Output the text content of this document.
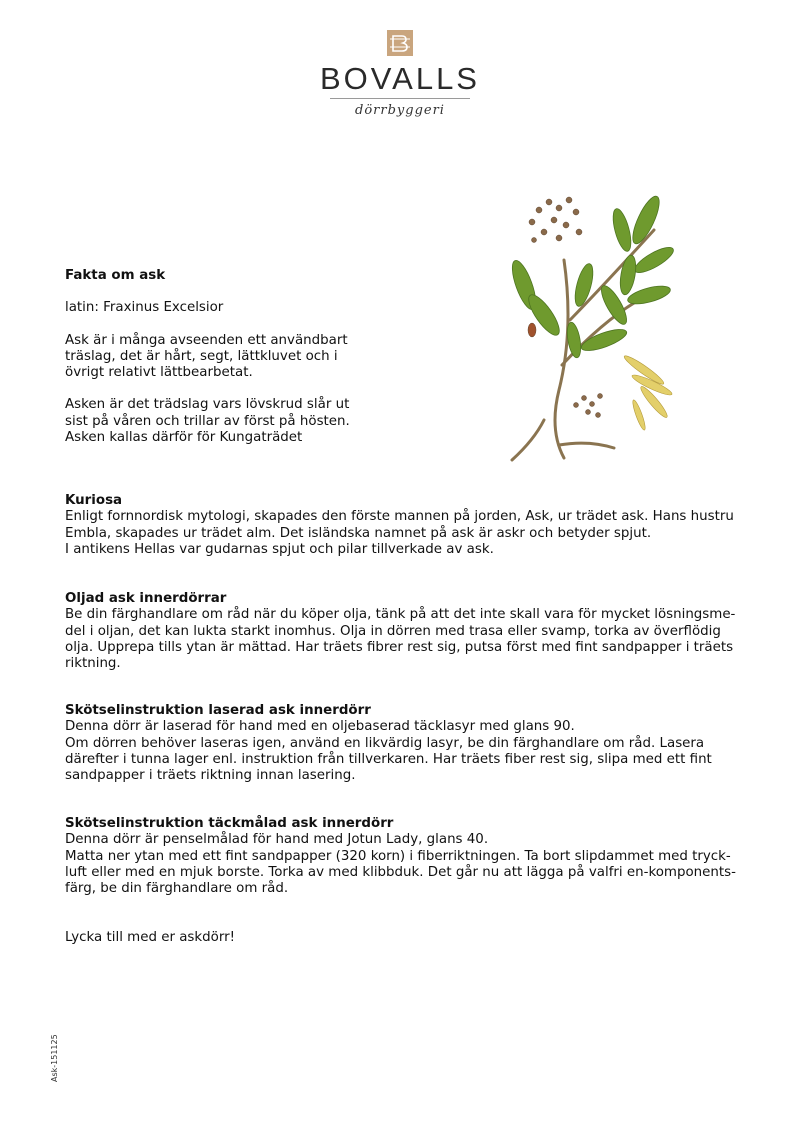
BOVALLS
dörrbyggeri

Fakta om ask

latin: Fraxinus Excelsior

Ask är i många avseenden ett användbart

träslag, det är hårt, segt, lättkluvet och i

övrigt relativt lättbearbetat.

Asken är det trädslag vars lövskrud slår ut

sist på våren och trillar av först på hösten.

Asken kallas därför för Kungaträdet

Kuriosa

Enligt fornnordisk mytologi, skapades den förste mannen på jorden, Ask, ur trädet ask. Hans hustru

Embla, skapades ur trädet alm. Det isländska namnet på ask är askr och betyder spjut.

I antikens Hellas var gudarnas spjut och pilar tillverkade av ask.

Oljad ask innerdörrar

Be din färghandlare om råd när du köper olja, tänk på att det inte skall vara för mycket lösningsme-

del i oljan, det kan lukta starkt inomhus. Olja in dörren med trasa eller svamp, torka av överflödig

olja. Upprepa tills ytan är mättad. Har träets fibrer rest sig, putsa först med fint sandpapper i träets

riktning.

Skötselinstruktion laserad ask innerdörr

Denna dörr är laserad för hand med en oljebaserad täcklasyr med glans 90.

Om dörren behöver laseras igen, använd en likvärdig lasyr, be din färghandlare om råd. Lasera

därefter i tunna lager enl. instruktion från tillverkaren. Har träets fiber rest sig, slipa med ett fint

sandpapper i träets riktning innan lasering.

Skötselinstruktion täckmålad ask innerdörr

Denna dörr är penselmålad för hand med Jotun Lady, glans 40.

Matta ner ytan med ett fint sandpapper (320 korn) i fiberriktningen. Ta bort slipdammet med tryck-

luft eller med en mjuk borste. Torka av med klibbduk. Det går nu att lägga på valfri en-komponents-

färg, be din färghandlare om råd.

Lycka till med er askdörr!

Ask-151125
